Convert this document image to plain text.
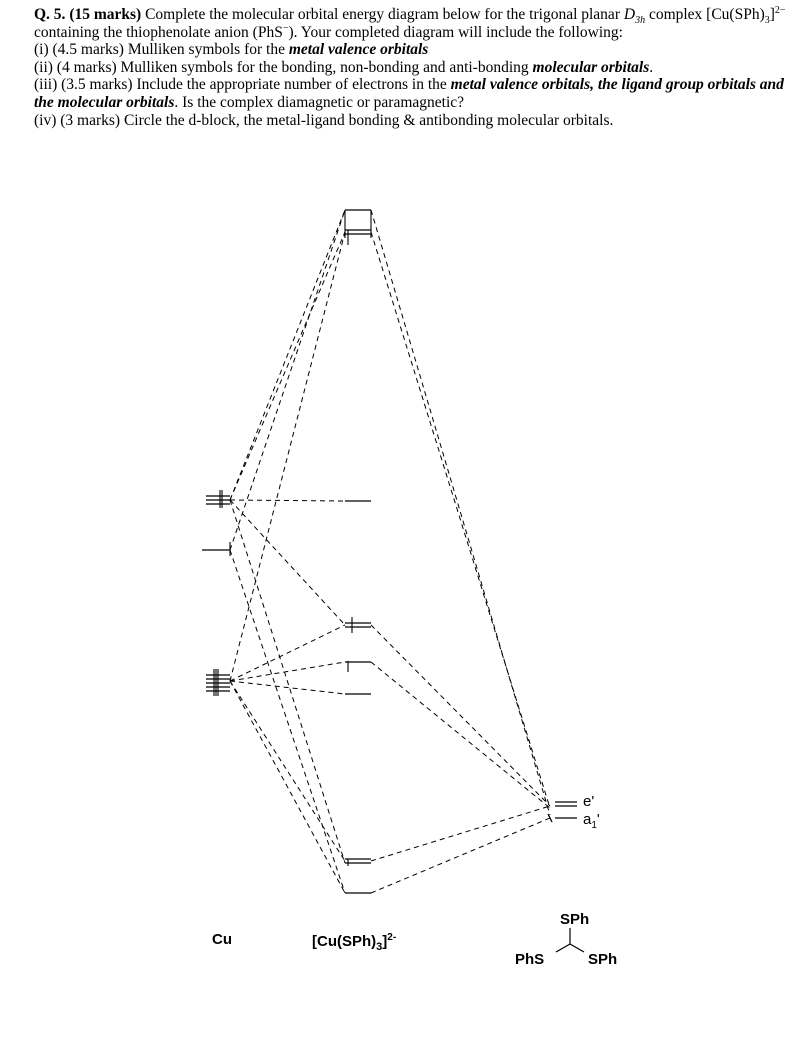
Q. 5. (15 marks) Complete the molecular orbital energy diagram below for the trigonal planar $D_{3h}$ complex $[Cu(SPh)_3]^{2-}$ containing the thiophenolate anion (PhS−). Your completed diagram will include the following:

(i) (4.5 marks) Mulliken symbols for the metal valence orbitals

(ii) (4 marks) Mulliken symbols for the bonding, non-bonding and anti-bonding molecular orbitals.

(iii) (3.5 marks) Include the appropriate number of electrons in the metal valence orbitals, the ligand group orbitals and the molecular orbitals. Is the complex diamagnetic or paramagnetic?

(iv) (3 marks) Circle the d-block, the metal-ligand bonding & antibonding molecular orbitals.

Cu	[Cu(SPh)3]2-
e'
a1'
SPh
PhS	SPh
